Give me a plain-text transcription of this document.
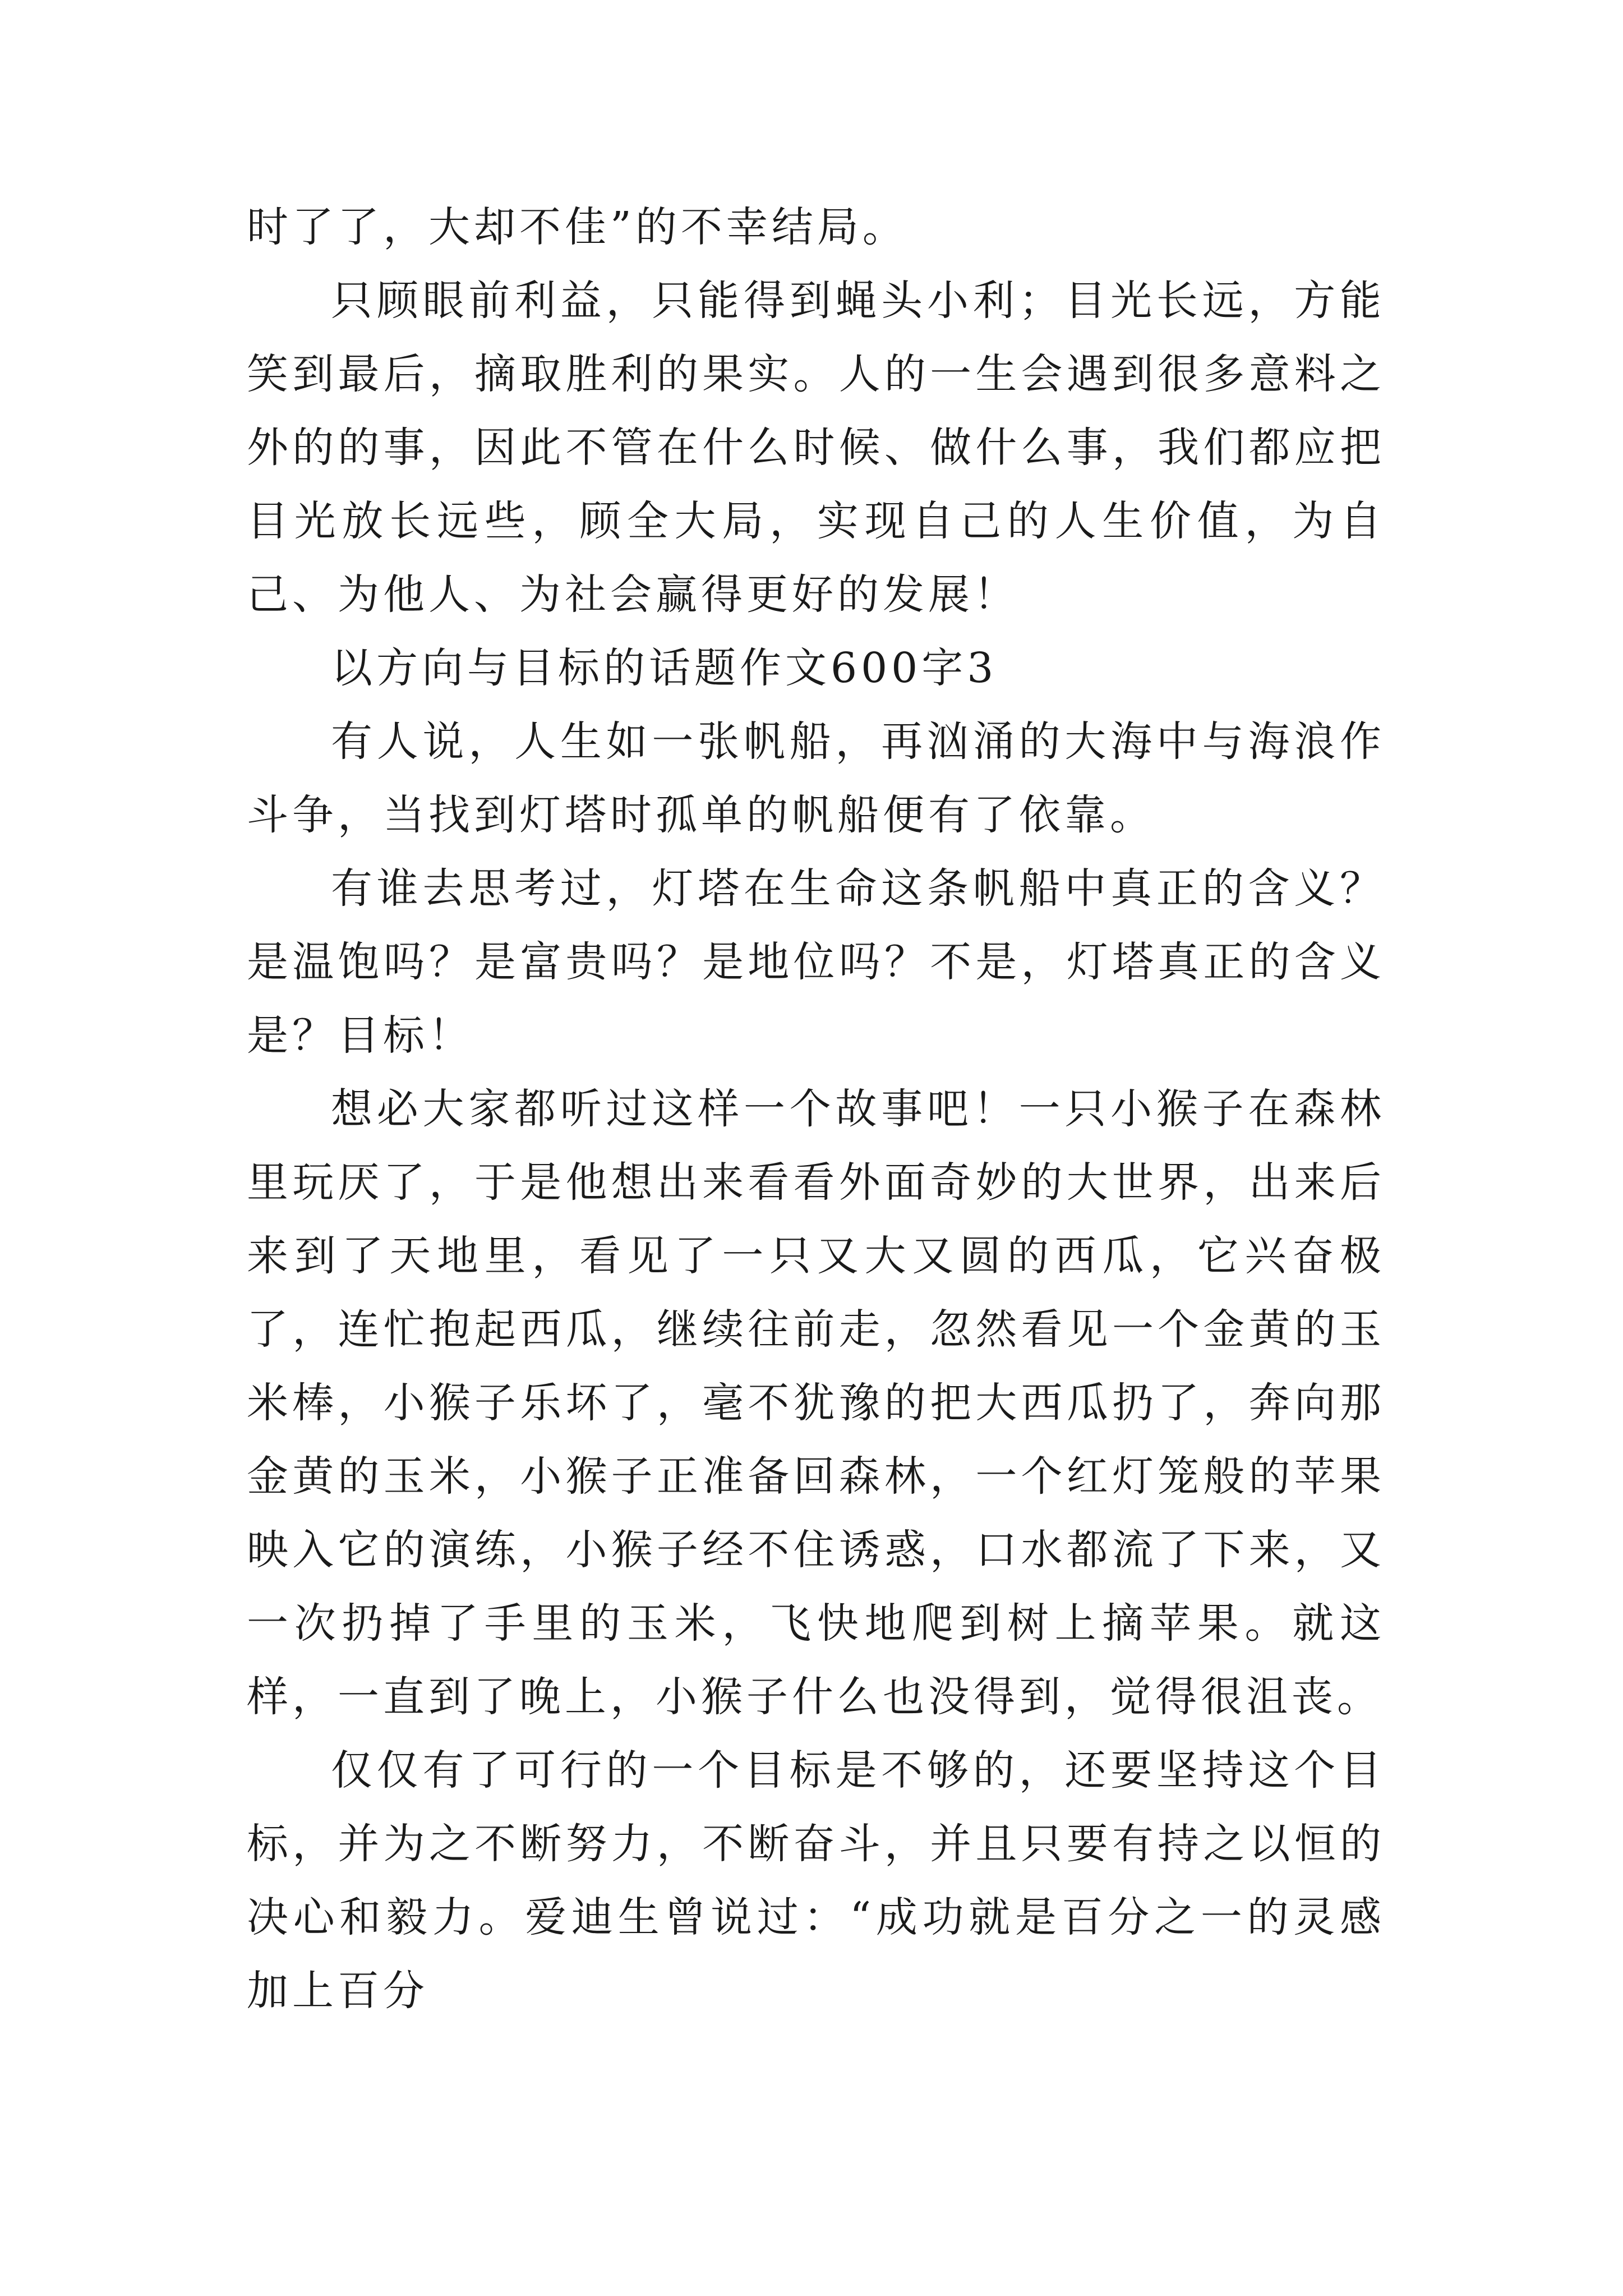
时了了，大却不佳”的不幸结局。

只顾眼前利益，只能得到蝇头小利；目光长远，方能笑到最后，摘取胜利的果实。人的一生会遇到很多意料之外的的事，因此不管在什么时候、做什么事，我们都应把目光放长远些，顾全大局，实现自己的人生价值，为自己、为他人、为社会赢得更好的发展！

以方向与目标的话题作文600字3

有人说，人生如一张帆船，再汹涌的大海中与海浪作斗争，当找到灯塔时孤单的帆船便有了依靠。

有谁去思考过，灯塔在生命这条帆船中真正的含义？是温饱吗？是富贵吗？是地位吗？不是，灯塔真正的含义是？目标！

想必大家都听过这样一个故事吧！一只小猴子在森林里玩厌了，于是他想出来看看外面奇妙的大世界，出来后来到了天地里，看见了一只又大又圆的西瓜，它兴奋极了，连忙抱起西瓜，继续往前走，忽然看见一个金黄的玉米棒，小猴子乐坏了，毫不犹豫的把大西瓜扔了，奔向那金黄的玉米，小猴子正准备回森林，一个红灯笼般的苹果映入它的演练，小猴子经不住诱惑，口水都流了下来，又一次扔掉了手里的玉米，飞快地爬到树上摘苹果。就这样，一直到了晚上，小猴子什么也没得到，觉得很沮丧。

仅仅有了可行的一个目标是不够的，还要坚持这个目标，并为之不断努力，不断奋斗，并且只要有持之以恒的决心和毅力。爱迪生曾说过：“成功就是百分之一的灵感加上百分
